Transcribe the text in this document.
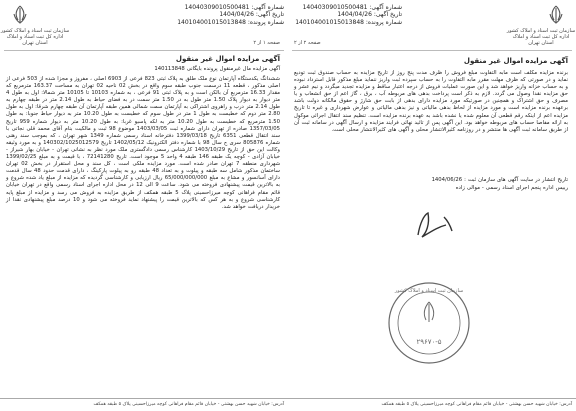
سازمان ثبت اسناد و املاک کشور
اداره کل ثبت اسناد و املاک استان تهران
شماره آگهی: 14040309010500481
تاریخ آگهی: 1404/04/26
شماره پرونده: 140104001015013848
صفحه ۲ از ۲
آگهی مزایده اموال غیر منقول
برنده مزایده مکلف است مابه التفاوت مبلغ فروش را ظرف مدت پنج روز از تاریخ مزایده به حساب صندوق ثبت تودیع نماید و در صورتی که ظرف مهلت مقرر مابه التفاوت را به حساب سپرده ثبت واریز ننماید مبلغ مذکور قابل استرداد نبوده و به حساب خزانه واریز خواهد شد و این صورت عملیات فروش از درجه اعتبار ساقط و مزایده تجدید میگردد و نیم عشر و حق مزایده نقدا وصول می گردد. لازم به ذکر است پرداخت بدهی های مربوطه آب ، برق ، گاز اعم از حق انشعاب و یا مصرف و حق اشتراک و همچنین در صورتیکه مورد مزایده دارای بدهی از بابت حق شارژ و حقوق مالکانه دولت باشد برعهده برنده مزایده است و مورد مزایده از لحاظ بدهی مالیاتی و نیز بدهی مالیاتی و عوارض شهرداری و غیره تا تاریخ مزایده اعم از اینکه رقم قطعی آن معلوم شده یا نشده باشد به عهده برنده مزایده است. تنظیم سند انتقال اجرائی موکول به ارائه مفاصا حساب های مربوطه خواهد بود. این آگهی پس از تائید نهائی فرایند مزایده و ارسال آگهی در سامانه ثبت آن از طریق سامانه ثبت آگهی ها منتشر و در روزنامه کثیرالانتشار محلی و آگهی های کثیرالانتشار محلی است.
تاریخ انتشار در سایت آگهی های سازمان ثبت : 1404/06/26
رییس اداره پنجم اجرای اسناد رسمی - موالی زاده
سازمان ثبت اسناد و املاک کشور
۲۹۶۷۰-۵
آدرس: خیابان شهید حسن بهشتی - خیابان قائم مقام فراهانی کوچه میرزاحسینی پلاک ۵ طبقه همکف
سازمان ثبت اسناد و املاک کشور
اداره کل ثبت اسناد و املاک استان تهران
شماره آگهی: 14040309010500481
تاریخ آگهی: 1404/04/26
شماره پرونده: 140104001015013848
صفحه ۱ از ۲
آگهی مزایده اموال غیر منقول
آگهی مزایده مال غیرمنقول پرونده بایگانی 140113848
ششدانگ یکدستگاه آپارتمان نوع ملک طلق به پلاک ثبتی 823 فرعی از 6903 اصلی ، مفروز و مجزا شده از 503 فرعی از اصلی مذکور ، قطعه 11 درسمت جنوب طبقه سوم واقع در بخش 02 ناحیه 02 تهران به مساحت 163.37 مترمربع که مقدار 16.33 مترمربع آن بالکن است و به پلاک ثبتی 91 فرعی ، به شماره 10103 تا 10105 متر شمالا: اول به طول 4 متر دیوار به دیوار پلاک 1.50 متر طول به در 1.50 متر سمت در به فضای حیاط به طول 2.14 متر در طبقه چهارم به طول 2.14 متر درب و راهروی اشتراکی به آپارتمان سمت شمالی همین طبقه آپارتمان آن طبقه چهارم شرقا: اول به طول 2.80 متر دوم که خطیست به طول 1 متر در طول سوم که خطیست به طول 10.20 متر به دیوار حیاط جنوبا: به طول 1.50 مترمربع که خطیست به طول 10.20 متر به لکه پاسیو غربا: به طول 10.20 متر به دیوار شماره 959 تاریخ 1357/03/05 صادره از تهران دارای شماره ثبت 1403/03/05 موضوع 98 ثبت و مالکیت بنام آقای محمد قلی نجاتی با سند انتقال قطعی 6351 تاریخ 1399/03/18 دفترخانه اسناد رسمی شماره 1349 شهر تهران ، که بموجب سند رهنی شماره 805876 سری ج سال 98 با شماره دفتر الکترونیک 1402/05/12 تاریخ 140302/1025012579 و به مورد وثیقه وکالت این حق از تاریخ 1403/10/29 کارشناس رسمی دادگستری ملک مورد نظر به نشانی تهران - خیابان بهار شیراز - خیابان آزادی - کوچه یک طبقه 146 طبقه 4 واحد 5 موجود است. تاریخ 72141280 ، با قیمت و به مبلغ 1399/02/25 شهرداری منطقه 7 تهران صادر شده است. مورد مزایده ملکی است ، کل سند و محل استقرار در بخش 02 تهران ساختمان مذکور شامل سه طبقه و پیلوت و به تعداد 48 طبقه رو به پیلوت پارکینگ ، دارای قدمت حدود 48 سال قدمت دارای آسانسور و مشاع به مبلغ 65/000/000/000 ریال ارزیابی و کارشناسی گردیده که مزایده از مبلغ یاد شده شروع و به بالاترین قیمت پیشنهادی فروخته می شود. ساعت 9 الی 12 در محل اداره اجرای اسناد رسمی واقع در تهران خیابان قائم مقام فراهانی کوچه میرزاحسینی پلاک 5 طبقه همکف از طریق مزایده به فروش می رسد و مزایده از مبلغ پایه کارشناسی شروع و به هر کس که بالاترین قیمت را پیشنهاد نماید فروخته می شود و 10 درصد مبلغ پیشنهادی نقدا از خریدار دریافت خواهد شد.
آدرس: خیابان شهید حسن بهشتی - خیابان قائم مقام فراهانی کوچه میرزاحسینی پلاک ۵ طبقه همکف
